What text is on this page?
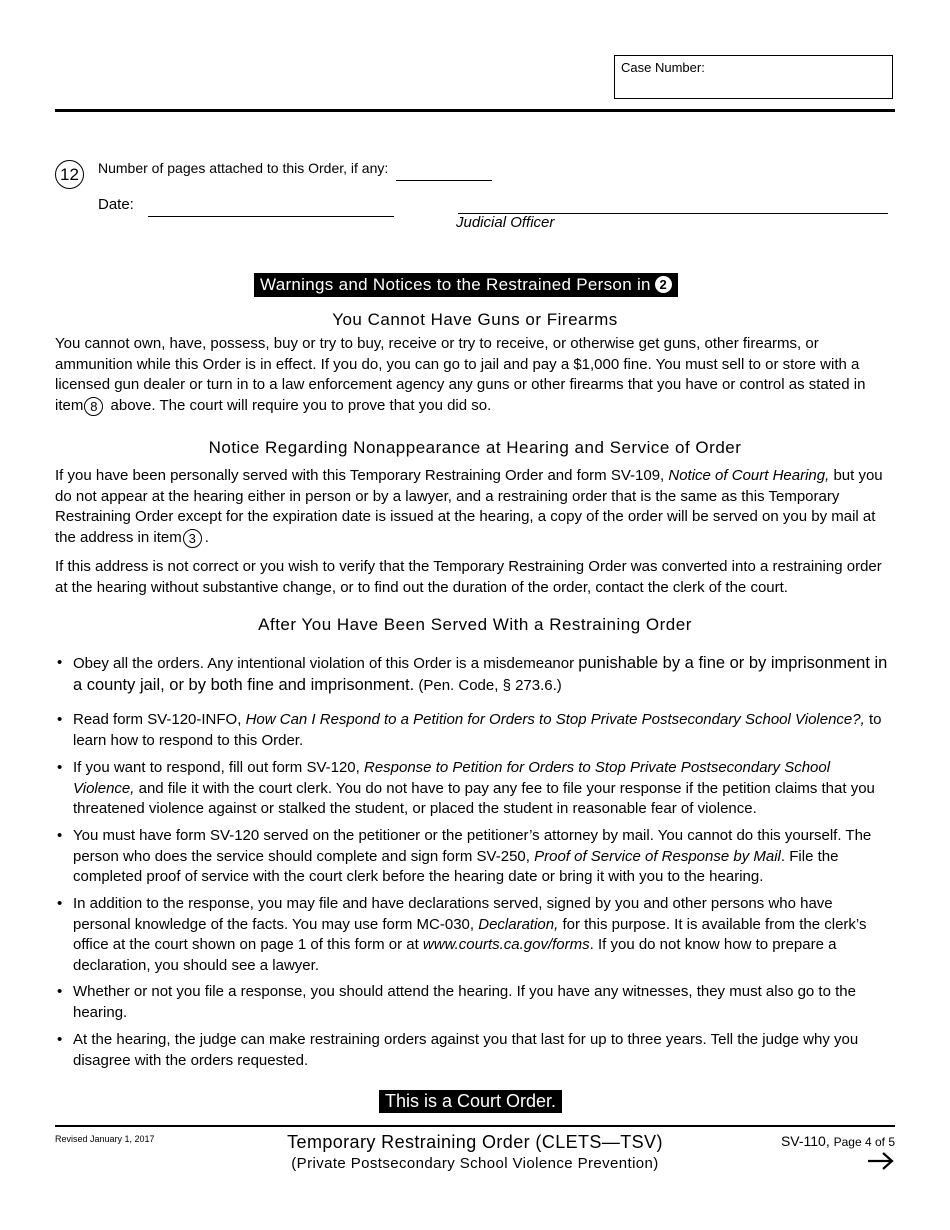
Case Number:
12	Number of pages attached to this Order, if any:
Date:
Judicial Officer
Warnings and Notices to the Restrained Person in 2
You Cannot Have Guns or Firearms

You cannot own, have, possess, buy or try to buy, receive or try to receive, or otherwise get guns, other firearms, or ammunition while this Order is in effect. If you do, you can go to jail and pay a $1,000 fine. You must sell to or store with a licensed gun dealer or turn in to a law enforcement agency any guns or other firearms that you have or control as stated in item 8 above. The court will require you to prove that you did so.

Notice Regarding Nonappearance at Hearing and Service of Order

If you have been personally served with this Temporary Restraining Order and form SV-109, Notice of Court Hearing, but you do not appear at the hearing either in person or by a lawyer, and a restraining order that is the same as this Temporary Restraining Order except for the expiration date is issued at the hearing, a copy of the order will be served on you by mail at the address in item 3 .

If this address is not correct or you wish to verify that the Temporary Restraining Order was converted into a restraining order at the hearing without substantive change, or to find out the duration of the order, contact the clerk of the court.

After You Have Been Served With a Restraining Order
• Obey all the orders. Any intentional violation of this Order is a misdemeanor punishable by a fine or by imprisonment in a county jail, or by both fine and imprisonment. (Pen. Code, § 273.6.)
• Read form SV-120-INFO, How Can I Respond to a Petition for Orders to Stop Private Postsecondary School Violence?, to learn how to respond to this Order.
• If you want to respond, fill out form SV-120, Response to Petition for Orders to Stop Private Postsecondary School Violence, and file it with the court clerk. You do not have to pay any fee to file your response if the petition claims that you threatened violence against or stalked the student, or placed the student in reasonable fear of violence.
• You must have form SV-120 served on the petitioner or the petitioner’s attorney by mail. You cannot do this yourself. The person who does the service should complete and sign form SV-250, Proof of Service of Response by Mail. File the completed proof of service with the court clerk before the hearing date or bring it with you to the hearing.
• In addition to the response, you may file and have declarations served, signed by you and other persons who have personal knowledge of the facts. You may use form MC-030, Declaration, for this purpose. It is available from the clerk’s office at the court shown on page 1 of this form or at www.courts.ca.gov/forms. If you do not know how to prepare a declaration, you should see a lawyer.
• Whether or not you file a response, you should attend the hearing. If you have any witnesses, they must also go to the hearing.
• At the hearing, the judge can make restraining orders against you that last for up to three years. Tell the judge why you disagree with the orders requested.
This is a Court Order.
Revised January 1, 2017	Temporary Restraining Order (CLETS—TSV)
(Private Postsecondary School Violence Prevention)
SV-110, Page 4 of 5
